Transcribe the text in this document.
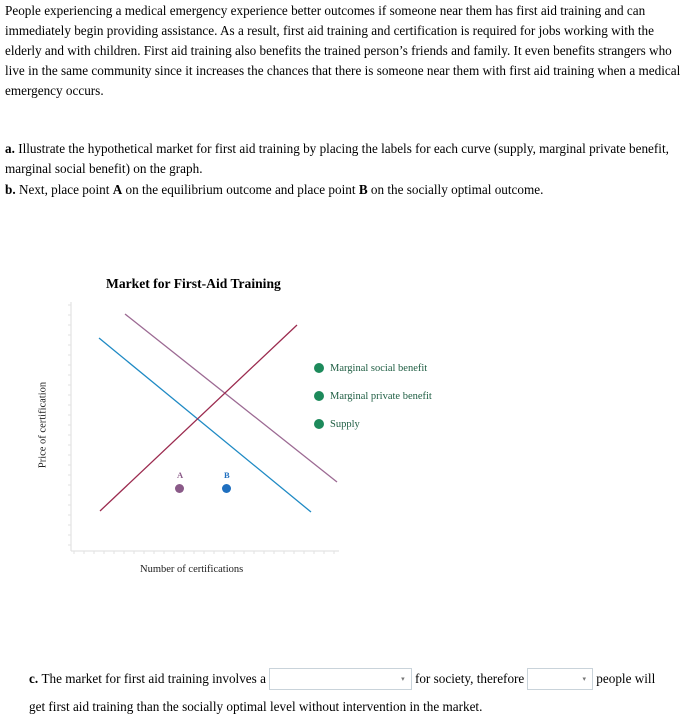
People experiencing a medical emergency experience better outcomes if someone near them has first aid training and can
immediately begin providing assistance. As a result, first aid training and certification is required for jobs working with the
elderly and with children. First aid training also benefits the trained person’s friends and family. It even benefits strangers who
live in the same community since it increases the chances that there is someone near them with first aid training when a medical
emergency occurs.
a. Illustrate the hypothetical market for first aid training by placing the labels for each curve (supply, marginal private benefit,
marginal social benefit) on the graph.
b. Next, place point A on the equilibrium outcome and place point B on the socially optimal outcome.
Market for First-Aid Training
Price of certification
Number of certifications
Marginal social benefit
Marginal private benefit
Supply
A	B
c.
The market for first aid training involves a	▾ for society, therefore	▾ people will
get first aid training than the socially optimal level without intervention in the market.
